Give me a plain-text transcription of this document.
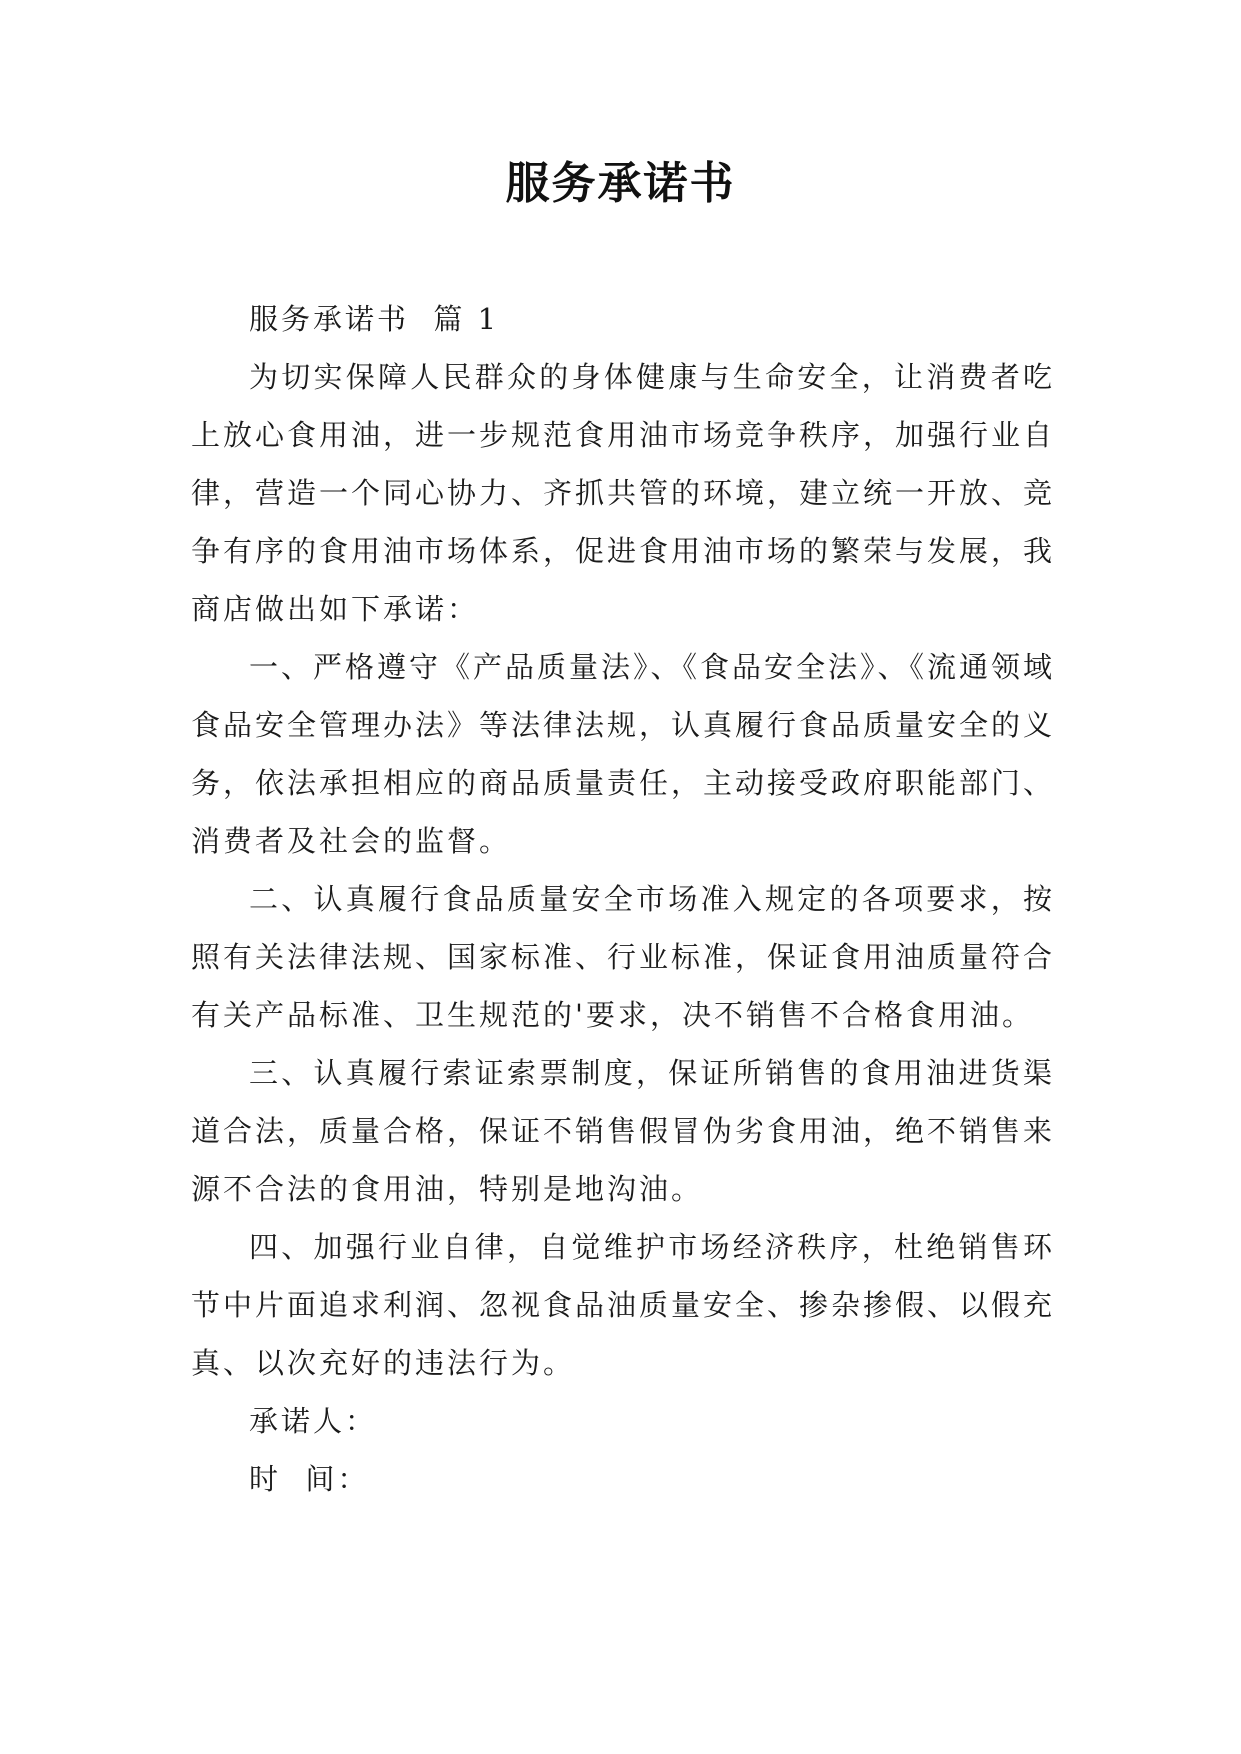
服务承诺书

服务承诺书  篇 1

为切实保障人民群众的身体健康与生命安全，让消费者吃上放心食用油，进一步规范食用油市场竞争秩序，加强行业自律，营造一个同心协力、齐抓共管的环境，建立统一开放、竞争有序的食用油市场体系，促进食用油市场的繁荣与发展，我商店做出如下承诺：

一、严格遵守《产品质量法》、《食品安全法》、《流通领域食品安全管理办法》等法律法规，认真履行食品质量安全的义务，依法承担相应的商品质量责任，主动接受政府职能部门、消费者及社会的监督。

二、认真履行食品质量安全市场准入规定的各项要求，按照有关法律法规、国家标准、行业标准，保证食用油质量符合有关产品标准、卫生规范的'要求，决不销售不合格食用油。

三、认真履行索证索票制度，保证所销售的食用油进货渠道合法，质量合格，保证不销售假冒伪劣食用油，绝不销售来源不合法的食用油，特别是地沟油。

四、加强行业自律，自觉维护市场经济秩序，杜绝销售环节中片面追求利润、忽视食品油质量安全、掺杂掺假、以假充真、以次充好的违法行为。

承诺人：

时  间：
